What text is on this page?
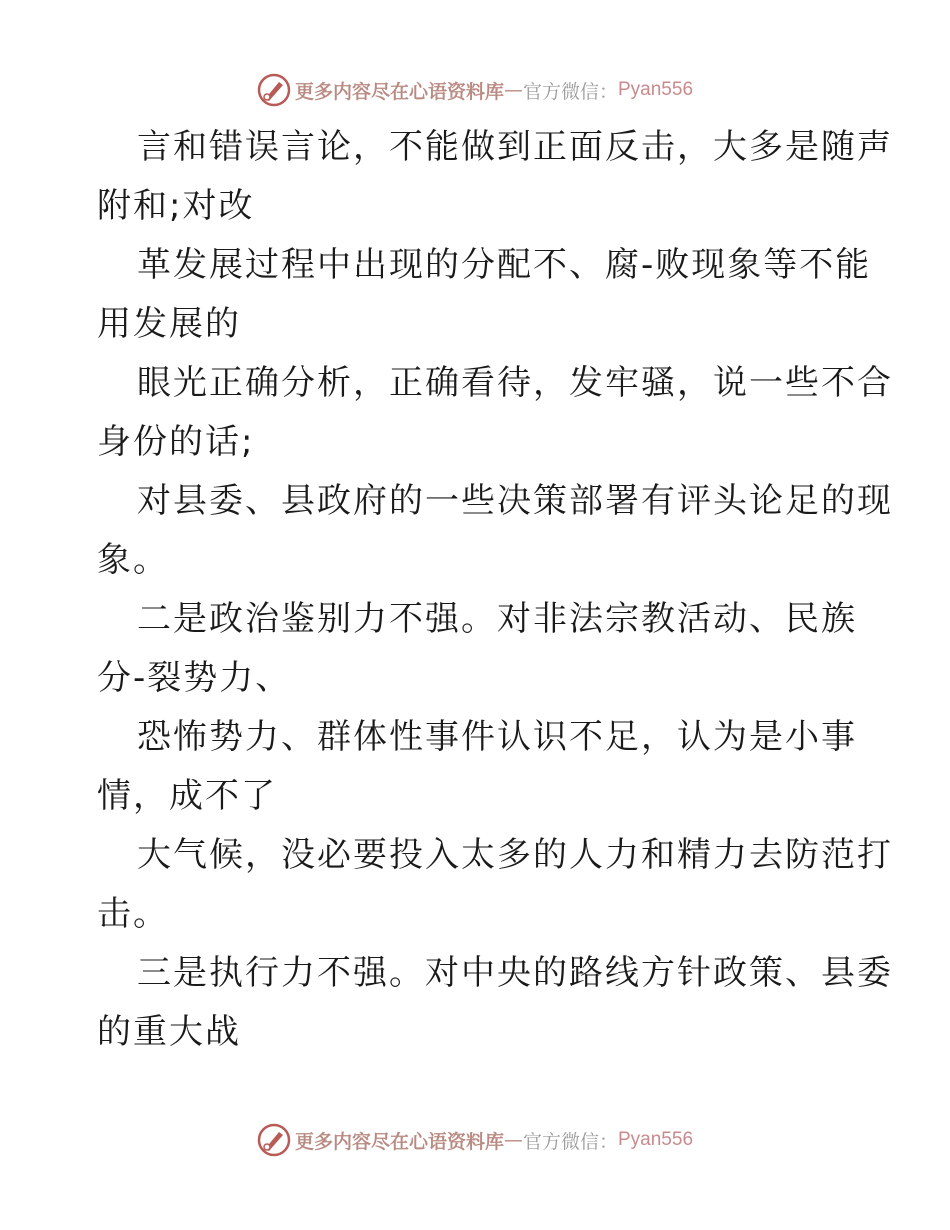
更多内容尽在心语资料库 — 官方微信： Pyan556

言和错误言论，不能做到正面反击，大多是随声
附和;对改

革发展过程中出现的分配不、腐-败现象等不能
用发展的

眼光正确分析，正确看待，发牢骚，说一些不合
身份的话;

对县委、县政府的一些决策部署有评头论足的现
象。

二是政治鉴别力不强。对非法宗教活动、民族
分-裂势力、

恐怖势力、群体性事件认识不足，认为是小事
情，成不了

大气候，没必要投入太多的人力和精力去防范打
击。

三是执行力不强。对中央的路线方针政策、县委
的重大战

更多内容尽在心语资料库 — 官方微信： Pyan556
